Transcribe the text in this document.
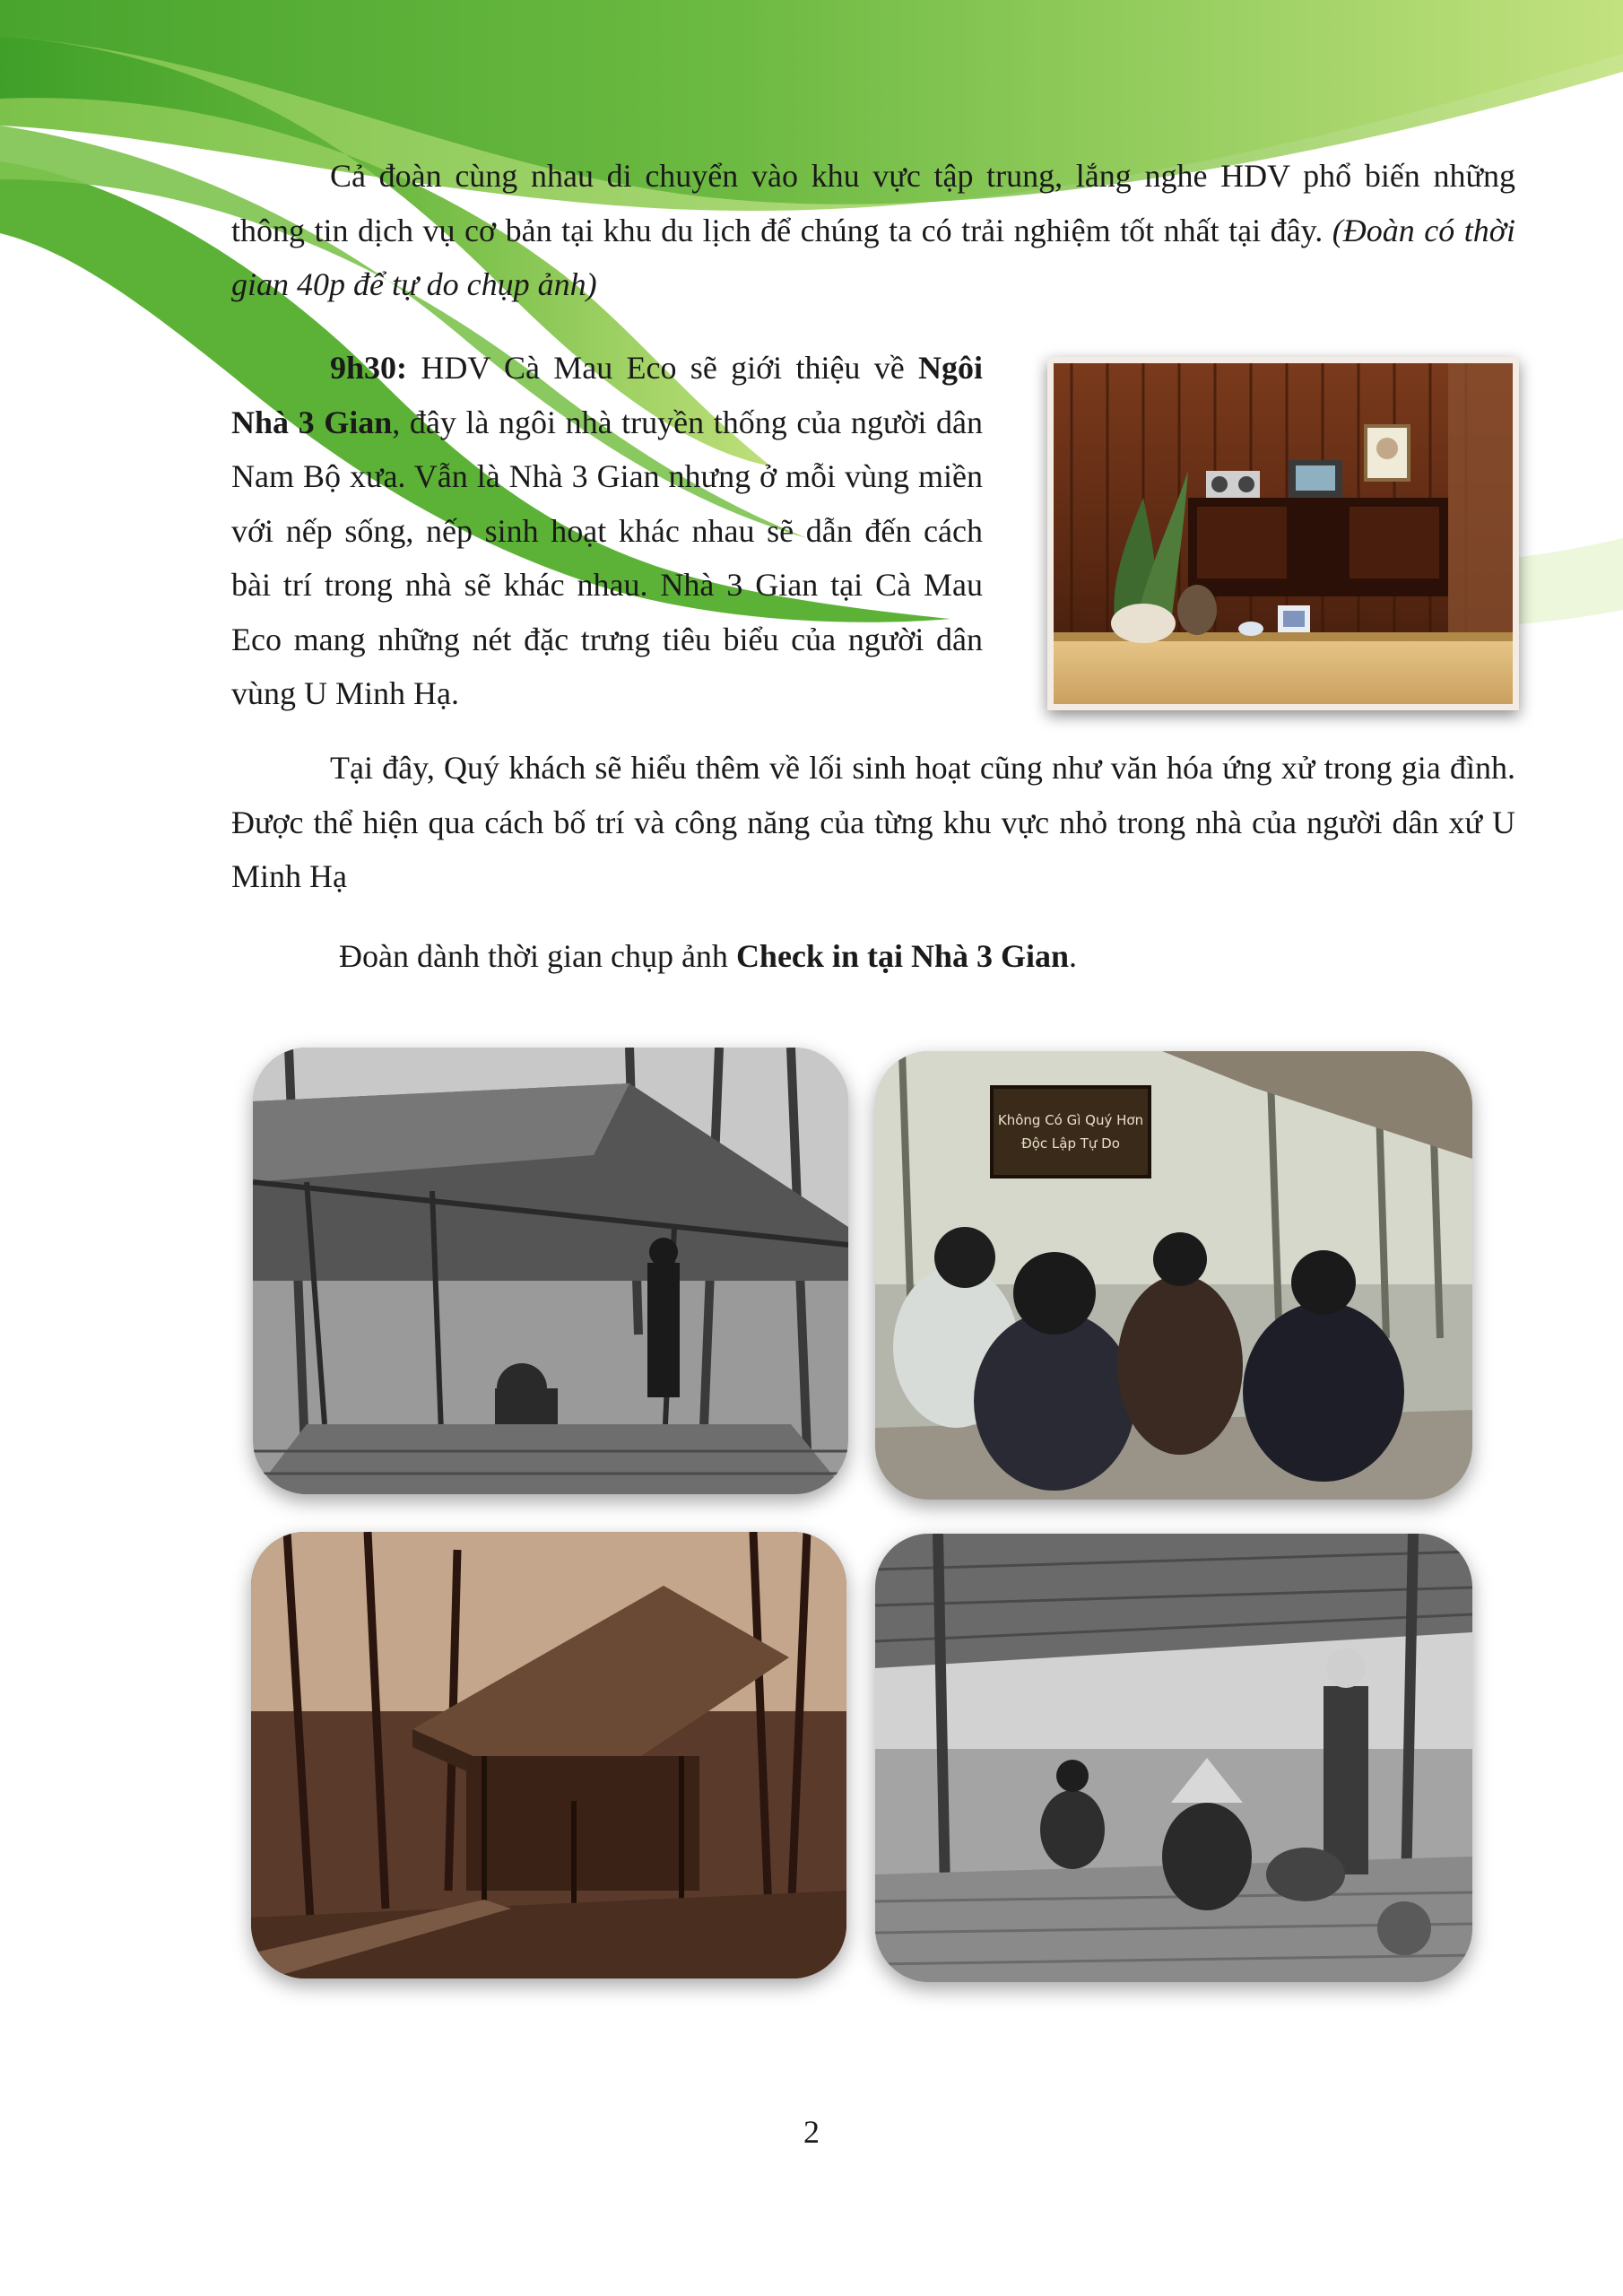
Cả đoàn cùng nhau di chuyển vào khu vực tập trung, lắng nghe HDV phổ biến những thông tin dịch vụ cơ bản tại khu du lịch để chúng ta có trải nghiệm tốt nhất tại đây. (Đoàn có thời gian 40p để tự do chụp ảnh)

9h30: HDV Cà Mau Eco sẽ giới thiệu về Ngôi Nhà 3 Gian, đây là ngôi nhà truyền thống của người dân Nam Bộ xưa. Vẫn là Nhà 3 Gian nhưng ở mỗi vùng miền với nếp sống, nếp sinh hoạt khác nhau sẽ dẫn đến cách bài trí trong nhà sẽ khác nhau. Nhà 3 Gian tại Cà Mau Eco mang những nét đặc trưng tiêu biểu của người dân vùng U Minh Hạ.

Tại đây, Quý khách sẽ hiểu thêm về lối sinh hoạt cũng như văn hóa ứng xử trong gia đình. Được thể hiện qua cách bố trí và công năng của từng khu vực nhỏ trong nhà của người dân xứ U Minh Hạ

Đoàn dành thời gian chụp ảnh Check in tại Nhà 3 Gian.

Không Có Gì Quý Hơn
Độc Lập Tự Do
2
